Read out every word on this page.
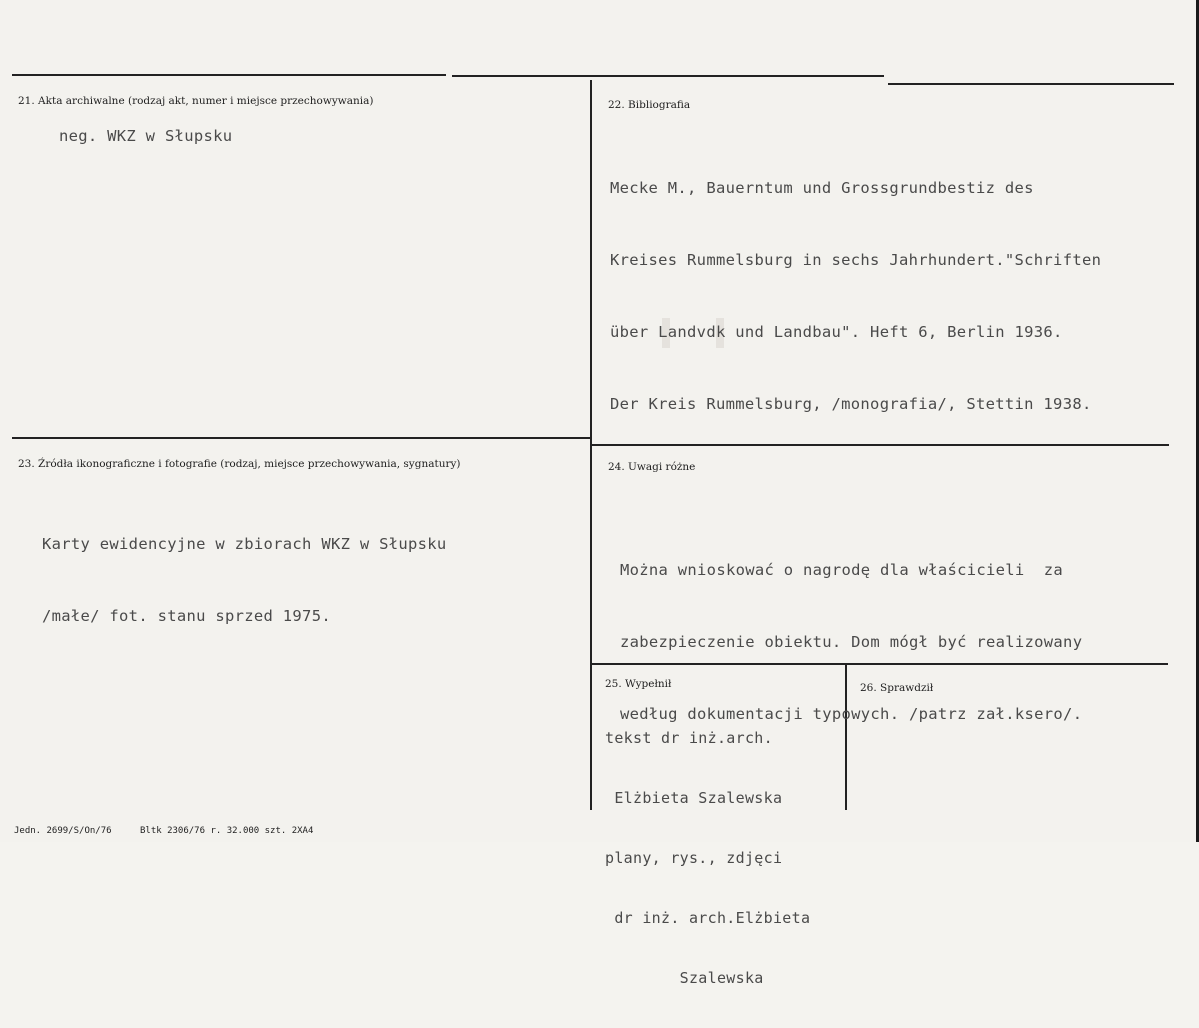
21. Akta archiwalne (rodzaj akt, numer i miejsce przechowywania)
neg. WKZ w Słupsku
22. Bibliografia

Mecke M., Bauerntum und Grossgrundbestiz des

Kreises Rummelsburg in sechs Jahrhundert."Schriften

über Landvdk und Landbau". Heft 6, Berlin 1936.

Der Kreis Rummelsburg, /monografia/, Stettin 1938.

23. Źródła ikonograficzne i fotografie (rodzaj, miejsce przechowywania, sygnatury)

Karty ewidencyjne w zbiorach WKZ w Słupsku

/małe/ fot. stanu sprzed 1975.

24. Uwagi różne

Można wnioskować o nagrodę dla właścicieli  za

zabezpieczenie obiektu. Dom mógł być realizowany

według dokumentacji typowych. /patrz zał.ksero/.

25. Wypełnił

tekst dr inż.arch.

Elżbieta Szalewska

plany, rys., zdjęci

dr inż. arch.Elżbieta

Szalewska

26. Sprawdził
Jedn. 2699/S/On/76	Bltk 2306/76 r. 32.000 szt. 2XA4
